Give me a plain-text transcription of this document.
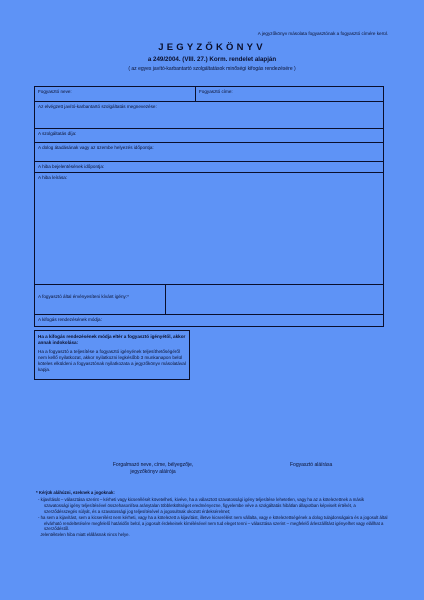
A jegyzőkönyv másolata fogyasztónak a fogyasztó címére kerül.
JEGYZŐKÖNYV
a 249/2004. (VIII. 27.) Korm. rendelet alapján
( az egyes javító-karbantartó szolgáltatások minőségi kifogás rendezésére )
Fogyasztó neve:	Fogyasztó címe:
Az elvégzett javító-karbantartó szolgáltatás megnevezése:
A szolgáltatás díja:
A dolog átadásának vagy az üzembe helyezés időpontja:
A hiba bejelentésének időpontja:
A hiba leírása:
A fogyasztó által érvényesíteni kívánt igény:*
A kifogás rendezésének módja:

Ha a kifogás rendezésének módja eltér a fogyasztó igényétől, akkor annak indokolása:

Ha a fogyasztó a teljesítése a fogyasztó igényének teljesíthetőségéről nem kellő nyilatkozat, akkor nyilatkozni legkésőbb 3 munkanapon belül köteles elküldeni a fogyasztónak nyilatkozata a jegyzőkönyv másolatával kapja.

Forgalmazó neve, címe, bélyegzője,
jegyzőkönyv aláírója
Fogyasztó aláírása
* Kérjük aláhúzni, ezeknek a jogoknak:
- kijavítását – választása szerint – kérheti vagy kicserélését követelheti, kivéve, ha a választott szavatossági igény teljesítése lehetetlen, vagy ha az a kötelezettnek a másik szavatossági igény teljesítésével összehasonlítva aránytalan többletköltséget eredményezne, figyelembe véve a szolgáltatás hibátlan állapotban képviselt értékét, a szerződésszegés súlyát, és a szavatossági jog teljesítésével a jogosultnak okozott érdeksérelmet;
- ha sem a kijavítást, sem a kicserélést nem kérheti, vagy ha a kötelezett a kijavítást, illetve kicserélést nem vállalta, vagy e kötelezettségének a dolog tulajdonságaira és a jogosult által elvárható rendeltetésére megfelelő határidőn belül, a jogosult érdekeinek kímélésével nem tud eleget tenni – választása szerint – megfelelő árleszállítást igényelhet vagy elállhat a szerződéstől.
Jelentéktelen hiba miatt elállásnak nincs helye.
